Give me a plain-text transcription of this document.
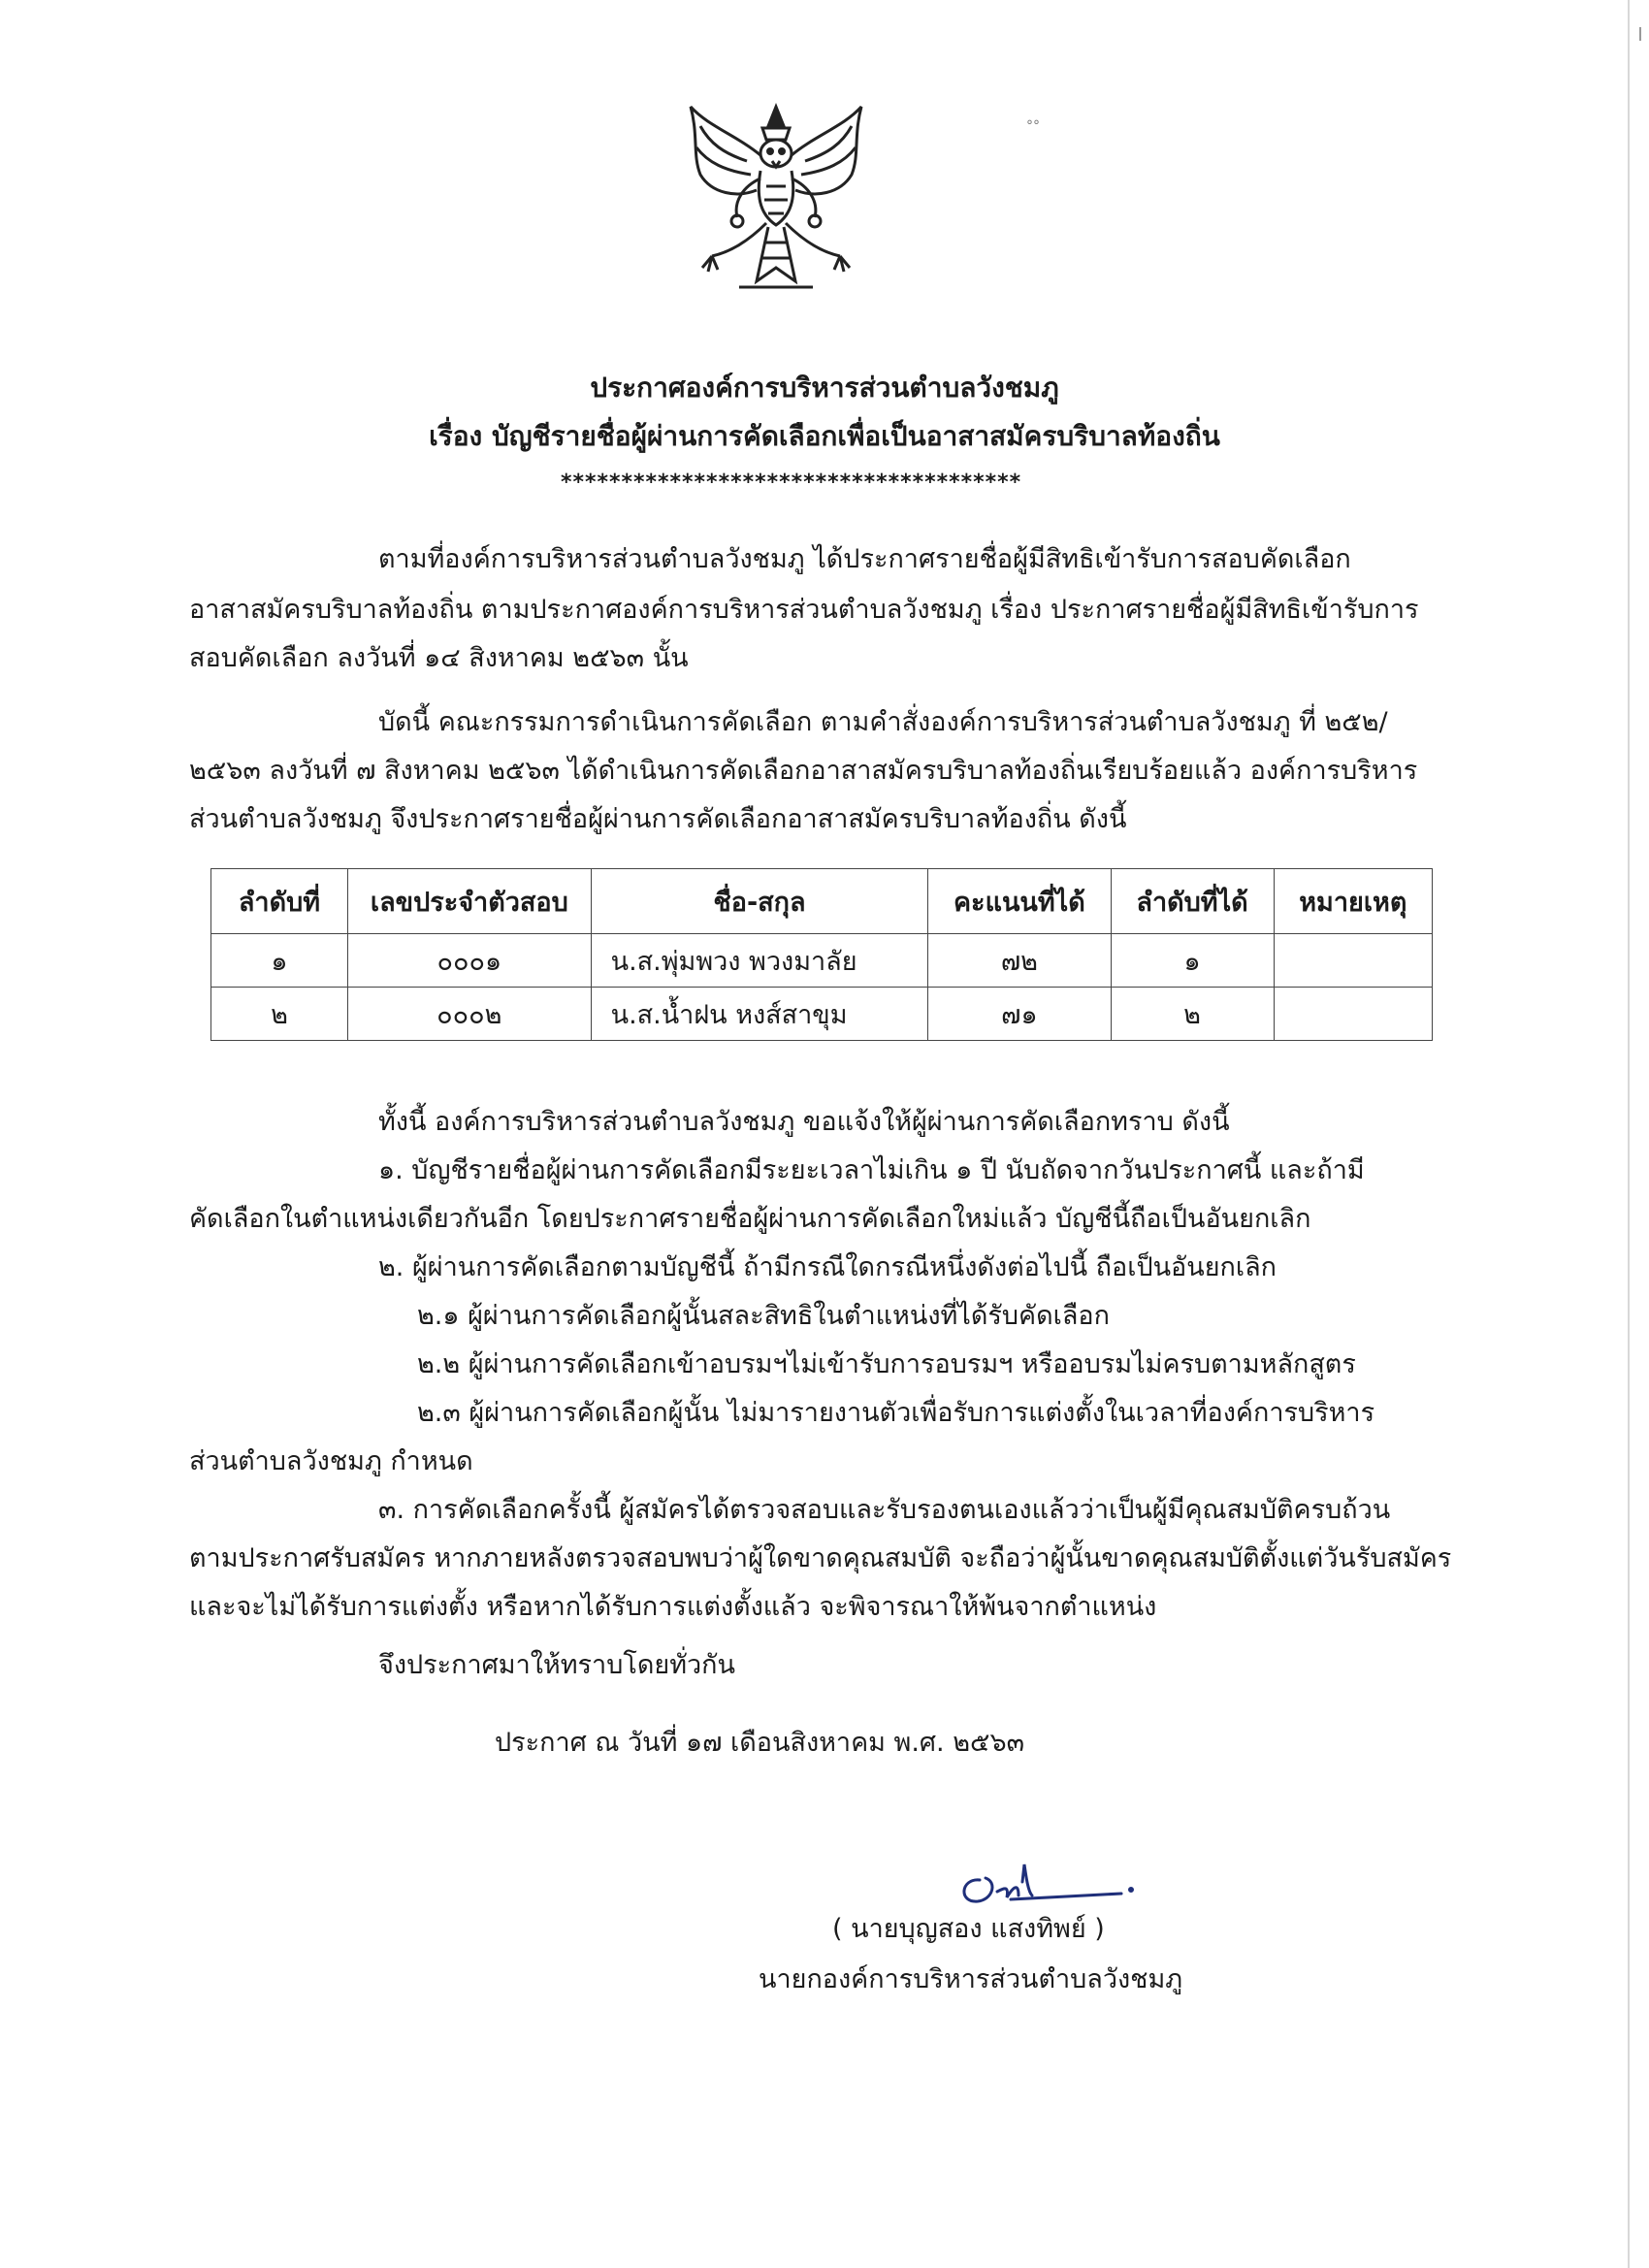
°°
ประกาศองค์การบริหารส่วนตำบลวังชมภู
เรื่อง บัญชีรายชื่อผู้ผ่านการคัดเลือกเพื่อเป็นอาสาสมัครบริบาลท้องถิ่น
**************************************
ตามที่องค์การบริหารส่วนตำบลวังชมภู ได้ประกาศรายชื่อผู้มีสิทธิเข้ารับการสอบคัดเลือก
อาสาสมัครบริบาลท้องถิ่น ตามประกาศองค์การบริหารส่วนตำบลวังชมภู เรื่อง ประกาศรายชื่อผู้มีสิทธิเข้ารับการ
สอบคัดเลือก ลงวันที่ ๑๔ สิงหาคม ๒๕๖๓ นั้น
บัดนี้ คณะกรรมการดำเนินการคัดเลือก ตามคำสั่งองค์การบริหารส่วนตำบลวังชมภู ที่ ๒๕๒/
๒๕๖๓ ลงวันที่ ๗ สิงหาคม ๒๕๖๓ ได้ดำเนินการคัดเลือกอาสาสมัครบริบาลท้องถิ่นเรียบร้อยแล้ว องค์การบริหาร
ส่วนตำบลวังชมภู จึงประกาศรายชื่อผู้ผ่านการคัดเลือกอาสาสมัครบริบาลท้องถิ่น ดังนี้
ลำดับที่	เลขประจำตัวสอบ	ชื่อ-สกุล	คะแนนที่ได้	ลำดับที่ได้	หมายเหตุ
๑	๐๐๐๑	น.ส.พุ่มพวง พวงมาลัย	๗๒	๑	
๒	๐๐๐๒	น.ส.น้ำฝน หงส์สาขุม	๗๑	๒	
ทั้งนี้ องค์การบริหารส่วนตำบลวังชมภู ขอแจ้งให้ผู้ผ่านการคัดเลือกทราบ ดังนี้
๑. บัญชีรายชื่อผู้ผ่านการคัดเลือกมีระยะเวลาไม่เกิน ๑ ปี นับถัดจากวันประกาศนี้ และถ้ามี
คัดเลือกในตำแหน่งเดียวกันอีก โดยประกาศรายชื่อผู้ผ่านการคัดเลือกใหม่แล้ว บัญชีนี้ถือเป็นอันยกเลิก
๒. ผู้ผ่านการคัดเลือกตามบัญชีนี้ ถ้ามีกรณีใดกรณีหนึ่งดังต่อไปนี้ ถือเป็นอันยกเลิก
๒.๑ ผู้ผ่านการคัดเลือกผู้นั้นสละสิทธิในตำแหน่งที่ได้รับคัดเลือก
๒.๒ ผู้ผ่านการคัดเลือกเข้าอบรมฯไม่เข้ารับการอบรมฯ หรืออบรมไม่ครบตามหลักสูตร
๒.๓ ผู้ผ่านการคัดเลือกผู้นั้น ไม่มารายงานตัวเพื่อรับการแต่งตั้งในเวลาที่องค์การบริหาร
ส่วนตำบลวังชมภู กำหนด
๓. การคัดเลือกครั้งนี้ ผู้สมัครได้ตรวจสอบและรับรองตนเองแล้วว่าเป็นผู้มีคุณสมบัติครบถ้วน
ตามประกาศรับสมัคร หากภายหลังตรวจสอบพบว่าผู้ใดขาดคุณสมบัติ จะถือว่าผู้นั้นขาดคุณสมบัติตั้งแต่วันรับสมัคร
และจะไม่ได้รับการแต่งตั้ง หรือหากได้รับการแต่งตั้งแล้ว จะพิจารณาให้พ้นจากตำแหน่ง
จึงประกาศมาให้ทราบโดยทั่วกัน
ประกาศ ณ วันที่ ๑๗ เดือนสิงหาคม พ.ศ. ๒๕๖๓
( นายบุญสอง แสงทิพย์ )
นายกองค์การบริหารส่วนตำบลวังชมภู
